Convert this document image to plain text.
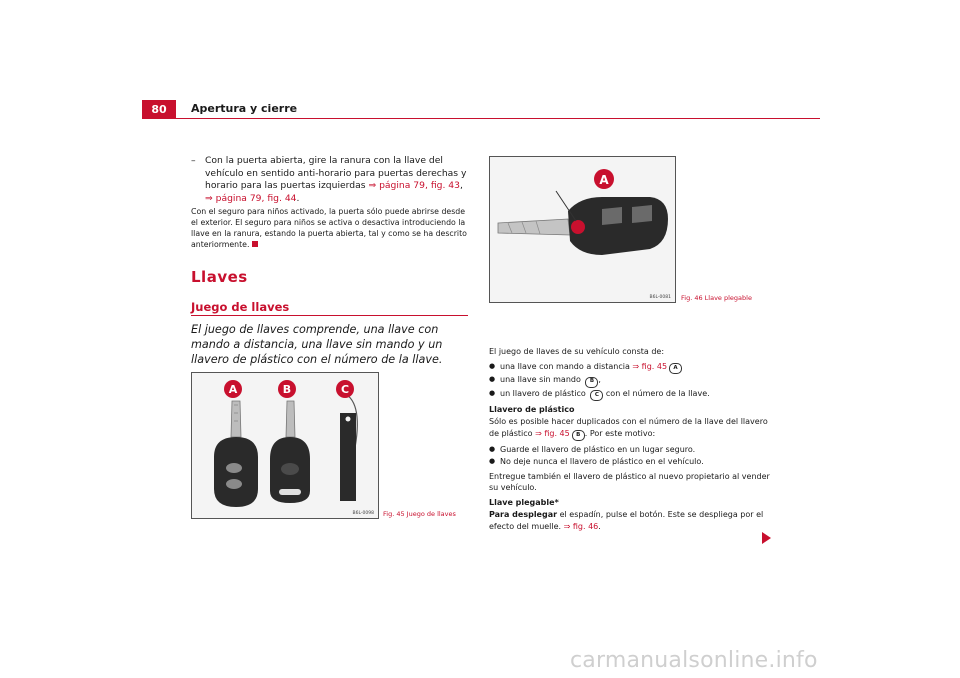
80	Apertura y cierre
– Con la puerta abierta, gire la ranura con la llave del vehículo en sentido anti-horario para puertas derechas y horario para las puertas izquierdas ⇒ página 79, fig. 43, ⇒ página 79, fig. 44.
Con el seguro para niños activado, la puerta sólo puede abrirse desde el exterior. El seguro para niños se activa o desactiva introduciendo la llave en la ranura, estando la puerta abierta, tal y como se ha descrito anteriormente.
Llaves
Juego de llaves
El juego de llaves comprende, una llave con mando a distancia, una llave sin mando y un llavero de plástico con el número de la llave.
A	B	C
B6L-0098 Fig. 45 Juego de llaves
A
B6L-0081 Fig. 46 Llave plegable

El juego de llaves de su vehículo consta de:

● una llave con mando a distancia ⇒ fig. 45 A

● una llave sin mando B ,

● un llavero de plástico C con el número de la llave.

Llavero de plástico

Sólo es posible hacer duplicados con el número de la llave del llavero de plástico ⇒ fig. 45 B . Por este motivo:

● Guarde el llavero de plástico en un lugar seguro.

● No deje nunca el llavero de plástico en el vehículo.

Entregue también el llavero de plástico al nuevo propietario al vender su vehículo.

Llave plegable*

Para desplegar el espadín, pulse el botón. Este se despliega por el efecto del muelle. ⇒ fig. 46.

carmanualsonline.info
